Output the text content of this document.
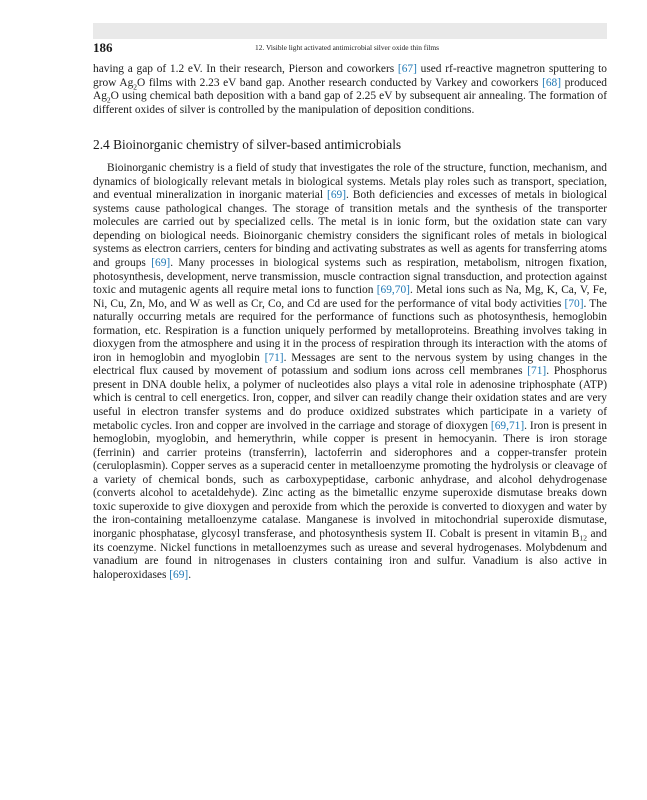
186	12. Visible light activated antimicrobial silver oxide thin films

having a gap of 1.2 eV. In their research, Pierson and coworkers [67] used rf-reactive magnetron sputtering to grow $Ag_2O$ films with 2.23 eV band gap. Another research conducted by Varkey and coworkers [68] produced $Ag_2O$ using chemical bath deposition with a band gap of 2.25 eV by subsequent air annealing. The formation of different oxides of silver is controlled by the manipulation of deposition conditions.

2.4 Bioinorganic chemistry of silver-based antimicrobials

Bioinorganic chemistry is a field of study that investigates the role of the structure, function, mechanism, and dynamics of biologically relevant metals in biological systems. Metals play roles such as transport, speciation, and eventual mineralization in inorganic material [69]. Both deficiencies and excesses of metals in biological systems cause pathological changes. The storage of transition metals and the synthesis of the transporter molecules are carried out by specialized cells. The metal is in ionic form, but the oxidation state can vary depending on biological needs. Bioinorganic chemistry considers the significant roles of metals in biological systems as electron carriers, centers for binding and activating substrates as well as agents for transferring atoms and groups [69]. Many processes in biological systems such as respiration, metabolism, nitrogen fixation, photosynthesis, development, nerve transmission, muscle contraction signal transduction, and protection against toxic and mutagenic agents all require metal ions to function [69,70]. Metal ions such as Na, Mg, K, Ca, V, Fe, Ni, Cu, Zn, Mo, and W as well as Cr, Co, and Cd are used for the performance of vital body activities [70]. The naturally occurring metals are required for the performance of functions such as photosynthesis, hemoglobin formation, etc. Respiration is a function uniquely performed by metalloproteins. Breathing involves taking in dioxygen from the atmosphere and using it in the process of respiration through its interaction with the atoms of iron in hemoglobin and myoglobin [71]. Messages are sent to the nervous system by using changes in the electrical flux caused by movement of potassium and sodium ions across cell membranes [71]. Phosphorus present in DNA double helix, a polymer of nucleotides also plays a vital role in adenosine triphosphate (ATP) which is central to cell energetics. Iron, copper, and silver can readily change their oxidation states and are very useful in electron transfer systems and do produce oxidized substrates which participate in a variety of metabolic cycles. Iron and copper are involved in the carriage and storage of dioxygen [69,71]. Iron is present in hemoglobin, myoglobin, and hemerythrin, while copper is present in hemocyanin. There is iron storage (ferrinin) and carrier proteins (transferrin), lactoferrin and siderophores and a copper-transfer protein (ceruloplasmin). Copper serves as a superacid center in metalloenzyme promoting the hydrolysis or cleavage of a variety of chemical bonds, such as carboxypeptidase, carbonic anhydrase, and alcohol dehydrogenase (converts alcohol to acetaldehyde). Zinc acting as the bimetallic enzyme superoxide dismutase breaks down toxic superoxide to give dioxygen and peroxide from which the peroxide is converted to dioxygen and water by the iron-containing metalloenzyme catalase. Manganese is involved in mitochondrial superoxide dismutase, inorganic phosphatase, glycosyl transferase, and photosynthesis system II. Cobalt is present in vitamin $B_{12}$ and its coenzyme. Nickel functions in metalloenzymes such as urease and several hydrogenases. Molybdenum and vanadium are found in nitrogenases in clusters containing iron and sulfur. Vanadium is also active in haloperoxidases [69].
